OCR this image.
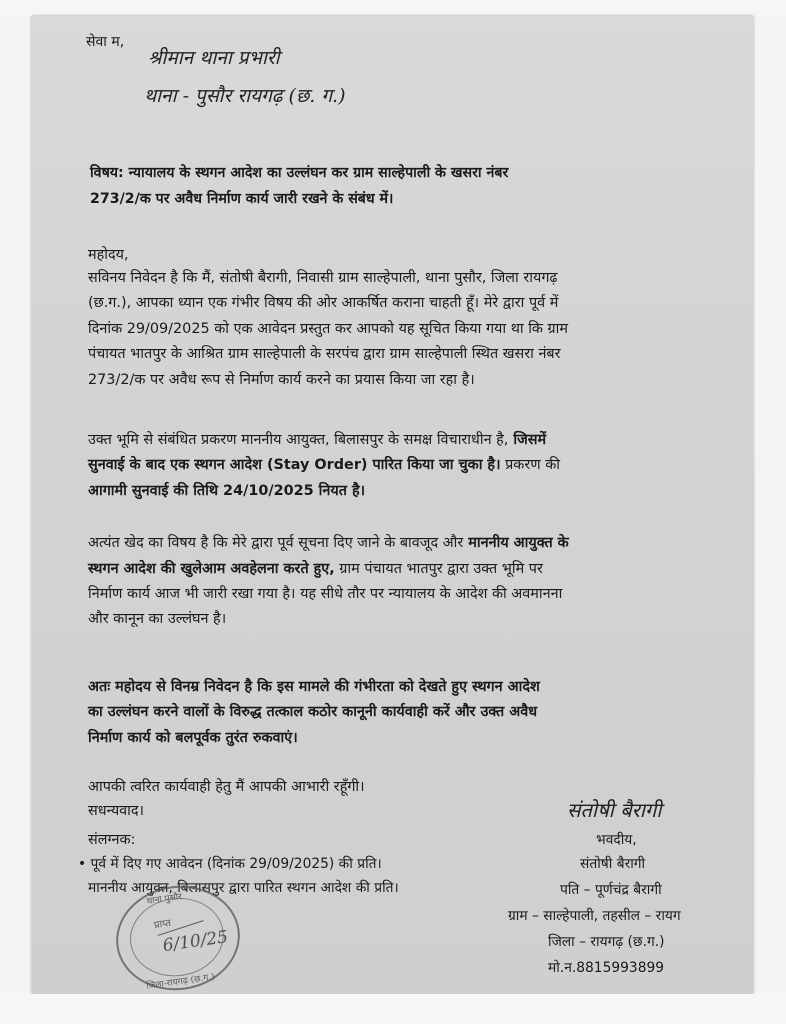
सेवा म,
श्रीमान थाना प्रभारी
थाना - पुसौर रायगढ़ (छ. ग.)
विषय: न्यायालय के स्थगन आदेश का उल्लंघन कर ग्राम साल्हेपाली के खसरा नंबर
273/2/क पर अवैध निर्माण कार्य जारी रखने के संबंध में।
महोदय,
सविनय निवेदन है कि मैं, संतोषी बैरागी, निवासी ग्राम साल्हेपाली, थाना पुसौर, जिला रायगढ़
(छ.ग.), आपका ध्यान एक गंभीर विषय की ओर आकर्षित कराना चाहती हूँ। मेरे द्वारा पूर्व में
दिनांक 29/09/2025 को एक आवेदन प्रस्तुत कर आपको यह सूचित किया गया था कि ग्राम
पंचायत भातपुर के आश्रित ग्राम साल्हेपाली के सरपंच द्वारा ग्राम साल्हेपाली स्थित खसरा नंबर
273/2/क पर अवैध रूप से निर्माण कार्य करने का प्रयास किया जा रहा है।
उक्त भूमि से संबंधित प्रकरण माननीय आयुक्त, बिलासपुर के समक्ष विचाराधीन है, जिसमें
सुनवाई के बाद एक स्थगन आदेश (Stay Order) पारित किया जा चुका है। प्रकरण की
आगामी सुनवाई की तिथि 24/10/2025 नियत है।
अत्यंत खेद का विषय है कि मेरे द्वारा पूर्व सूचना दिए जाने के बावजूद और माननीय आयुक्त के
स्थगन आदेश की खुलेआम अवहेलना करते हुए, ग्राम पंचायत भातपुर द्वारा उक्त भूमि पर
निर्माण कार्य आज भी जारी रखा गया है। यह सीधे तौर पर न्यायालय के आदेश की अवमानना
और कानून का उल्लंघन है।
अतः महोदय से विनम्र निवेदन है कि इस मामले की गंभीरता को देखते हुए स्थगन आदेश
का उल्लंघन करने वालों के विरुद्ध तत्काल कठोर कानूनी कार्यवाही करें और उक्त अवैध
निर्माण कार्य को बलपूर्वक तुरंत रुकवाएं।
आपकी त्वरित कार्यवाही हेतु मैं आपकी आभारी रहूँगी।
सधन्यवाद।	संतोषी बैरागी
संलग्नक:
• पूर्व में दिए गए आवेदन (दिनांक 29/09/2025) की प्रति।
माननीय आयुक्त, बिलासपुर द्वारा पारित स्थगन आदेश की प्रति।
भवदीय,
संतोषी बैरागी
पति – पूर्णचंद्र बैरागी
ग्राम – साल्हेपाली, तहसील – रायग
जिला – रायगढ़ (छ.ग.)
मो.न.8815993899
थाना पुसौर
जिला-रायगढ़ (छ.ग.)
प्राप्त
6/10/25
